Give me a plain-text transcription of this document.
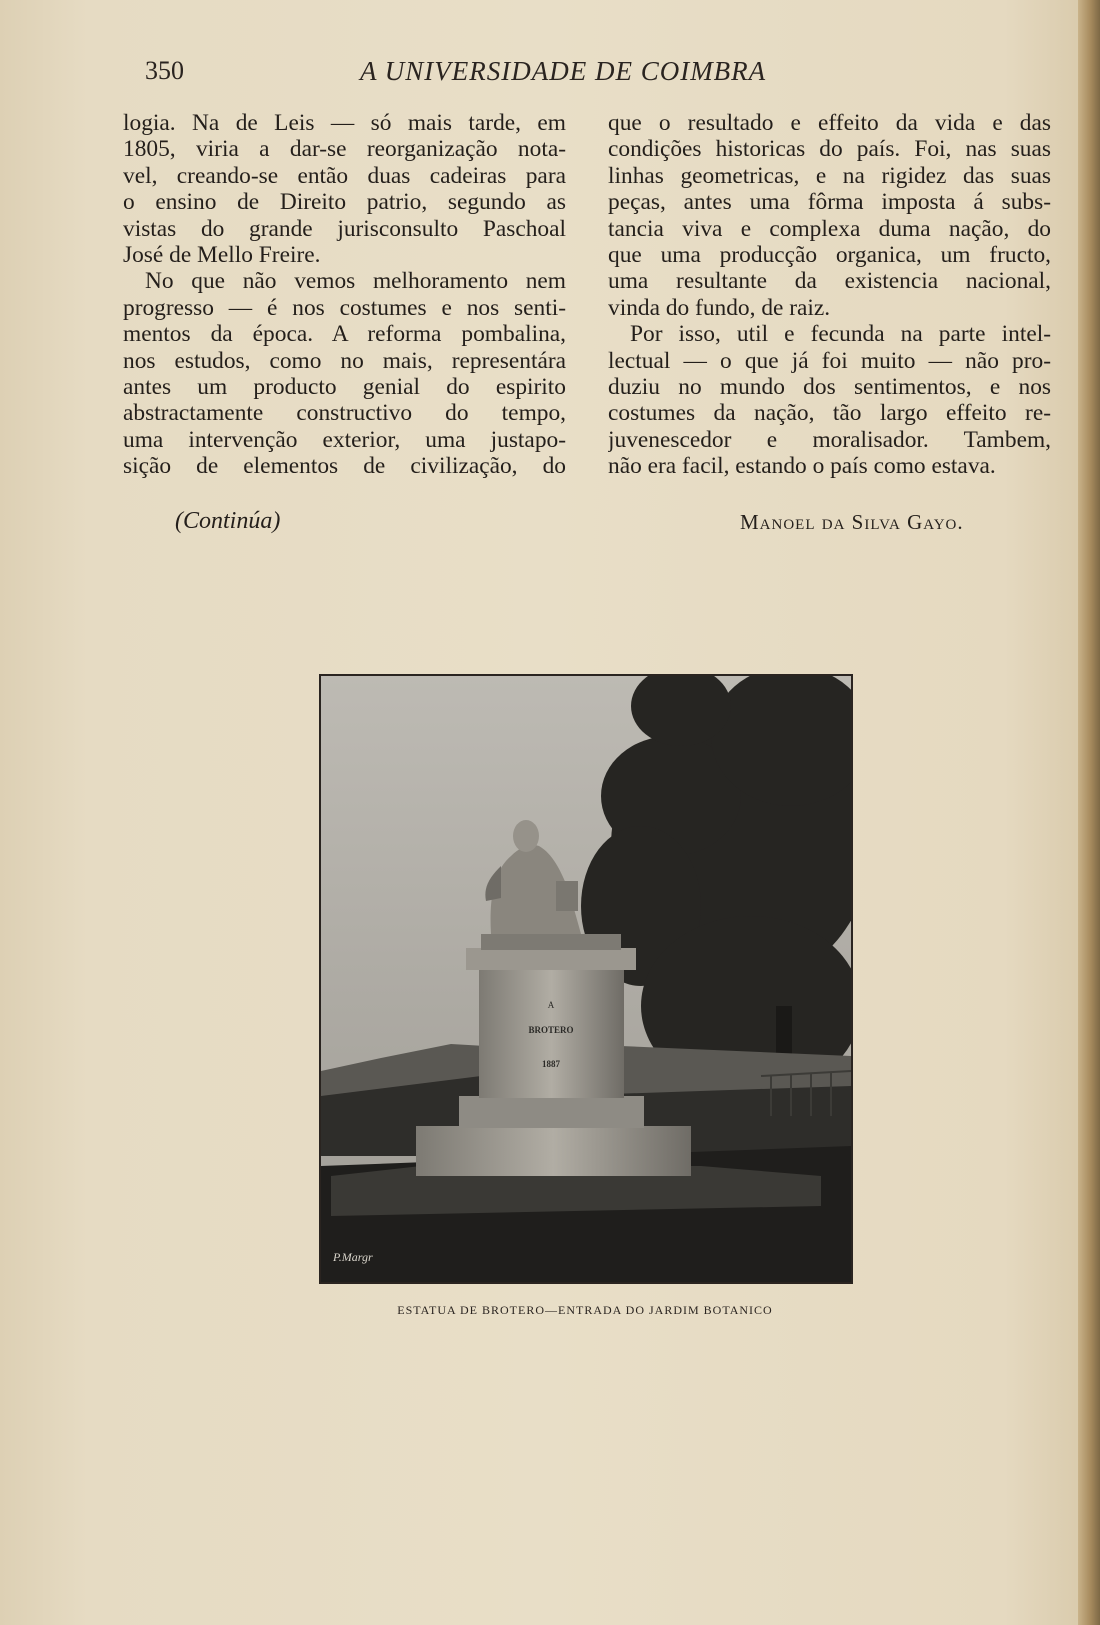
350	A UNIVERSIDADE DE COIMBRA
logia. Na de Leis — só mais tarde, em
1805, viria a dar-se reorganização nota-
vel, creando-se então duas cadeiras para
o ensino de Direito patrio, segundo as
vistas do grande jurisconsulto Paschoal
José de Mello Freire.
No que não vemos melhoramento nem
progresso — é nos costumes e nos senti-
mentos da época. A reforma pombalina,
nos estudos, como no mais, representára
antes um producto genial do espirito
abstractamente constructivo do tempo,
uma intervenção exterior, uma justapo-
sição de elementos de civilização, do
que o resultado e effeito da vida e das
condições historicas do país. Foi, nas suas
linhas geometricas, e na rigidez das suas
peças, antes uma fôrma imposta á subs-
tancia viva e complexa duma nação, do
que uma producção organica, um fructo,
uma resultante da existencia nacional,
vinda do fundo, de raiz.
Por isso, util e fecunda na parte intel-
lectual — o que já foi muito — não pro-
duziu no mundo dos sentimentos, e nos
costumes da nação, tão largo effeito re-
juvenescedor e moralisador. Tambem,
não era facil, estando o país como estava.
(Continúa)	Manoel da Silva Gayo.
A
BROTERO
1887
P.Margr
ESTATUA DE BROTERO—ENTRADA DO JARDIM BOTANICO
